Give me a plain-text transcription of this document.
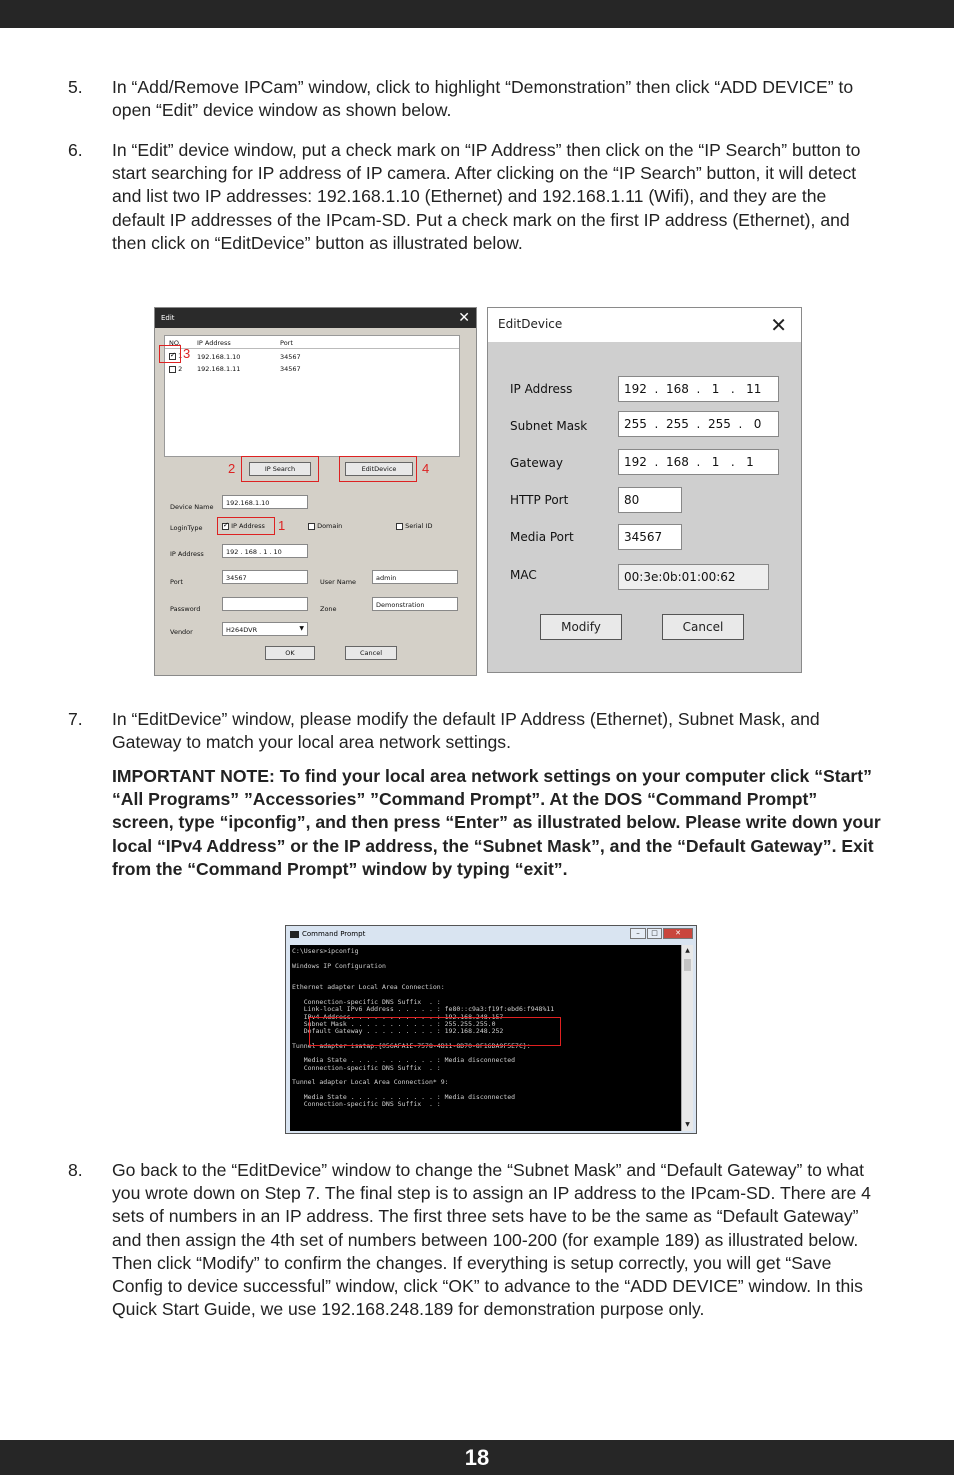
5.	In “Add/Remove IPCam” window, click to highlight “Demonstration” then click “ADD DEVICE” to open “Edit” device window as shown below.
6.	In “Edit” device window, put a check mark on “IP Address” then click on the “IP Search” button to start searching for IP address of IP camera. After clicking on the “IP Search” button, it will detect and list two IP addresses: 192.168.1.10 (Ethernet) and 192.168.1.11 (Wifi), and they are the default IP addresses of the IPcam-SD. Put a check mark on the first IP address (Ethernet), and then click on “EditDevice” button as illustrated below.
Edit	✕
NO. IP Address	Port
✓ 1 192.168.1.10	34567
2 192.168.1.11	34567
3
IP Search
2	EditDevice	4
Device Name	192.168.1.10
LoginType ✓	IP Address 1	Domain	Serial ID
IP Address	192 . 168 . 1 . 10
Port	34567	User Name	admin
Password	Zone	Demonstration
Vendor	H264DVR	▼
OK	Cancel
EditDevice	✕
IP Address	192  .  168  .   1   .   11
Subnet Mask	255  .  255  .  255  .   0
Gateway	192  .  168  .   1   .   1
HTTP Port	80
Media Port	34567
MAC	00:3e:0b:01:00:62
Modify	Cancel
7.	In “EditDevice” window, please modify the default IP Address (Ethernet), Subnet Mask, and Gateway to match your local area network settings.
IMPORTANT NOTE: To find your local area network settings on your computer click “Start” “All Programs” ”Accessories” ”Command Prompt”. At the DOS “Command Prompt” screen, type “ipconfig”, and then press “Enter” as illustrated below. Please write down your local “IPv4 Address” or the IP address, the “Subnet Mask”, and the “Default Gateway”. Exit from the “Command Prompt” window by typing “exit”.
Command Prompt	–	□	✕
C:\Users>ipconfig
Windows IP Configuration
Ethernet adapter Local Area Connection:
Connection-specific DNS Suffix  . :
Link-local IPv6 Address . . . . . : fe80::c9a3:f19f:ebd6:f948%11
IPv4 Address. . . . . . . . . . . : 192.168.248.157
Subnet Mask . . . . . . . . . . . : 255.255.255.0
Default Gateway . . . . . . . . . : 192.168.248.252
Tunnel adapter isatap.{056AFA1E-7578-4B11-8D70-8F16DA9F5E7C}:
Media State . . . . . . . . . . . : Media disconnected
Connection-specific DNS Suffix  . :
Tunnel adapter Local Area Connection* 9:
Media State . . . . . . . . . . . : Media disconnected
Connection-specific DNS Suffix  . :
▲
▼
8.	Go back to the “EditDevice” window to change the “Subnet Mask” and “Default Gateway” to what you wrote down on Step 7. The final step is to assign an IP address to the IPcam-SD. There are 4 sets of numbers in an IP address. The first three sets have to be the same as “Default Gateway” and then assign the 4th set of numbers between 100-200 (for example 189) as illustrated below. Then click “Modify” to confirm the changes. If everything is setup correctly, you will get “Save Config to device successful” window, click “OK” to advance to the “ADD DEVICE” window. In this Quick Start Guide, we use 192.168.248.189 for demonstration purpose only.
18
